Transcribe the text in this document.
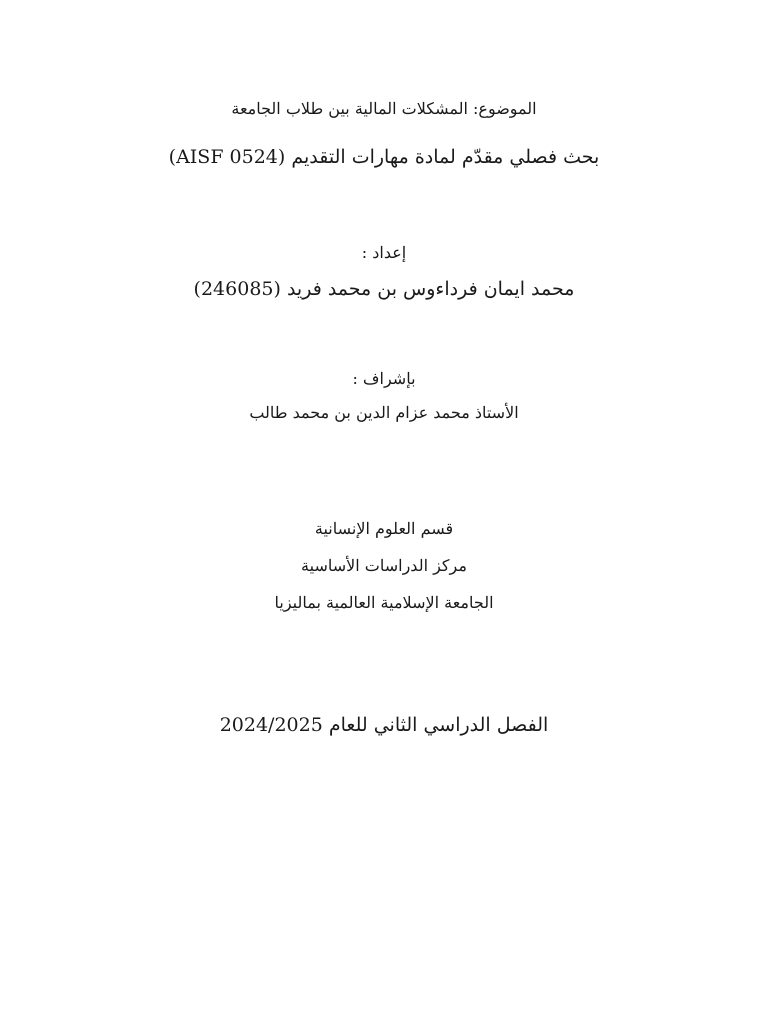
الموضوع: المشكلات المالية بين طلاب الجامعة
بحث فصلي مقدّم لمادة مهارات التقديم (AISF 0524)
إعداد :
محمد ايمان فرداءوس بن محمد فريد (246085)
بإشراف :
الأستاذ محمد عزام الدين بن محمد طالب
قسم العلوم الإنسانية
مركز الدراسات الأساسية
الجامعة الإسلامية العالمية بماليزيا
الفصل الدراسي الثاني للعام 2024/2025
